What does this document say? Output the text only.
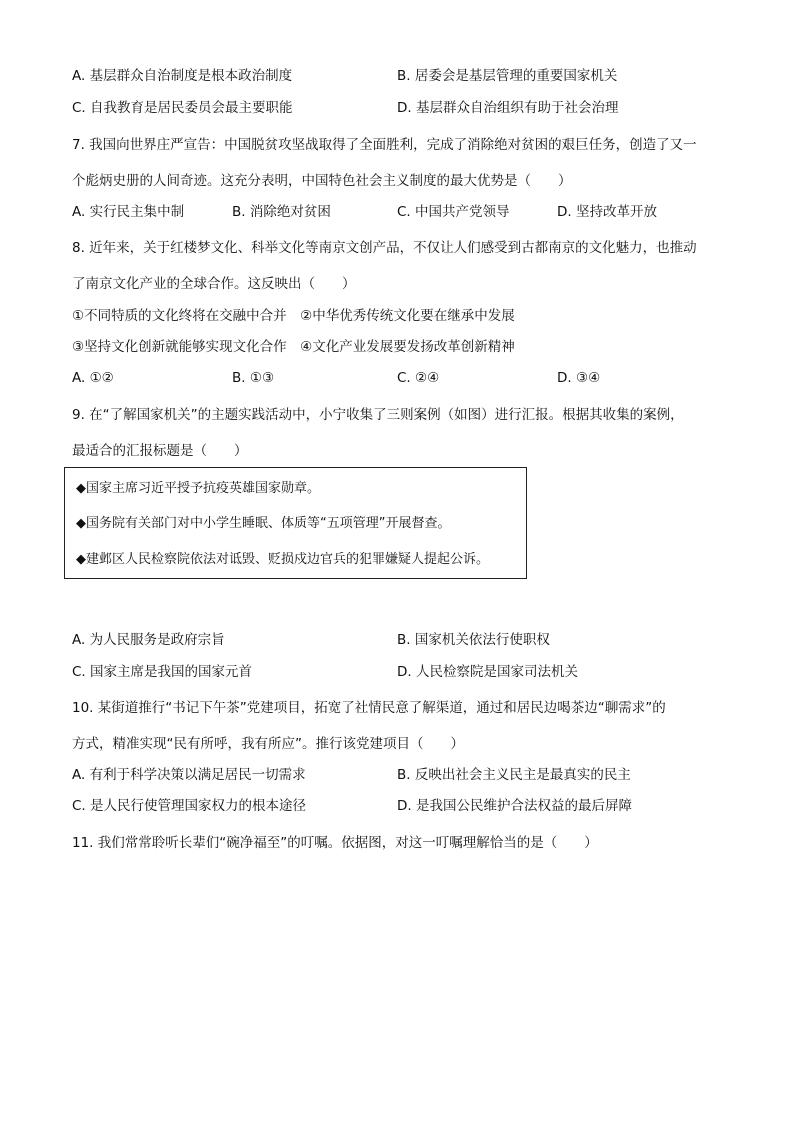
A. 基层群众自治制度是根本政治制度	B. 居委会是基层管理的重要国家机关
C. 自我教育是居民委员会最主要职能	D. 基层群众自治组织有助于社会治理
7. 我国向世界庄严宣告：中国脱贫攻坚战取得了全面胜利，完成了消除绝对贫困的艰巨任务，创造了又一
个彪炳史册的人间奇迹。这充分表明，中国特色社会主义制度的最大优势是（　　）
A. 实行民主集中制	B. 消除绝对贫困	C. 中国共产党领导	D. 坚持改革开放
8. 近年来，关于红楼梦文化、科举文化等南京文创产品，不仅让人们感受到古都南京的文化魅力，也推动
了南京文化产业的全球合作。这反映出（　　）
①不同特质的文化终将在交融中合并　②中华优秀传统文化要在继承中发展
③坚持文化创新就能够实现文化合作　④文化产业发展要发扬改革创新精神
A. ①②	B. ①③	C. ②④	D. ③④
9. 在“了解国家机关”的主题实践活动中，小宁收集了三则案例（如图）进行汇报。根据其收集的案例，
最适合的汇报标题是（　　）
◆国家主席习近平授予抗疫英雄国家勋章。
◆国务院有关部门对中小学生睡眠、体质等“五项管理”开展督查。
◆建邺区人民检察院依法对诋毁、贬损戍边官兵的犯罪嫌疑人提起公诉。
A. 为人民服务是政府宗旨	B. 国家机关依法行使职权
C. 国家主席是我国的国家元首	D. 人民检察院是国家司法机关
10. 某街道推行“书记下午茶”党建项目，拓宽了社情民意了解渠道，通过和居民边喝茶边“聊需求”的
方式，精准实现“民有所呼，我有所应”。推行该党建项目（　　）
A. 有利于科学决策以满足居民一切需求	B. 反映出社会主义民主是最真实的民主
C. 是人民行使管理国家权力的根本途径	D. 是我国公民维护合法权益的最后屏障
11. 我们常常聆听长辈们“碗净福至”的叮嘱。依据图，对这一叮嘱理解恰当的是（　　）
